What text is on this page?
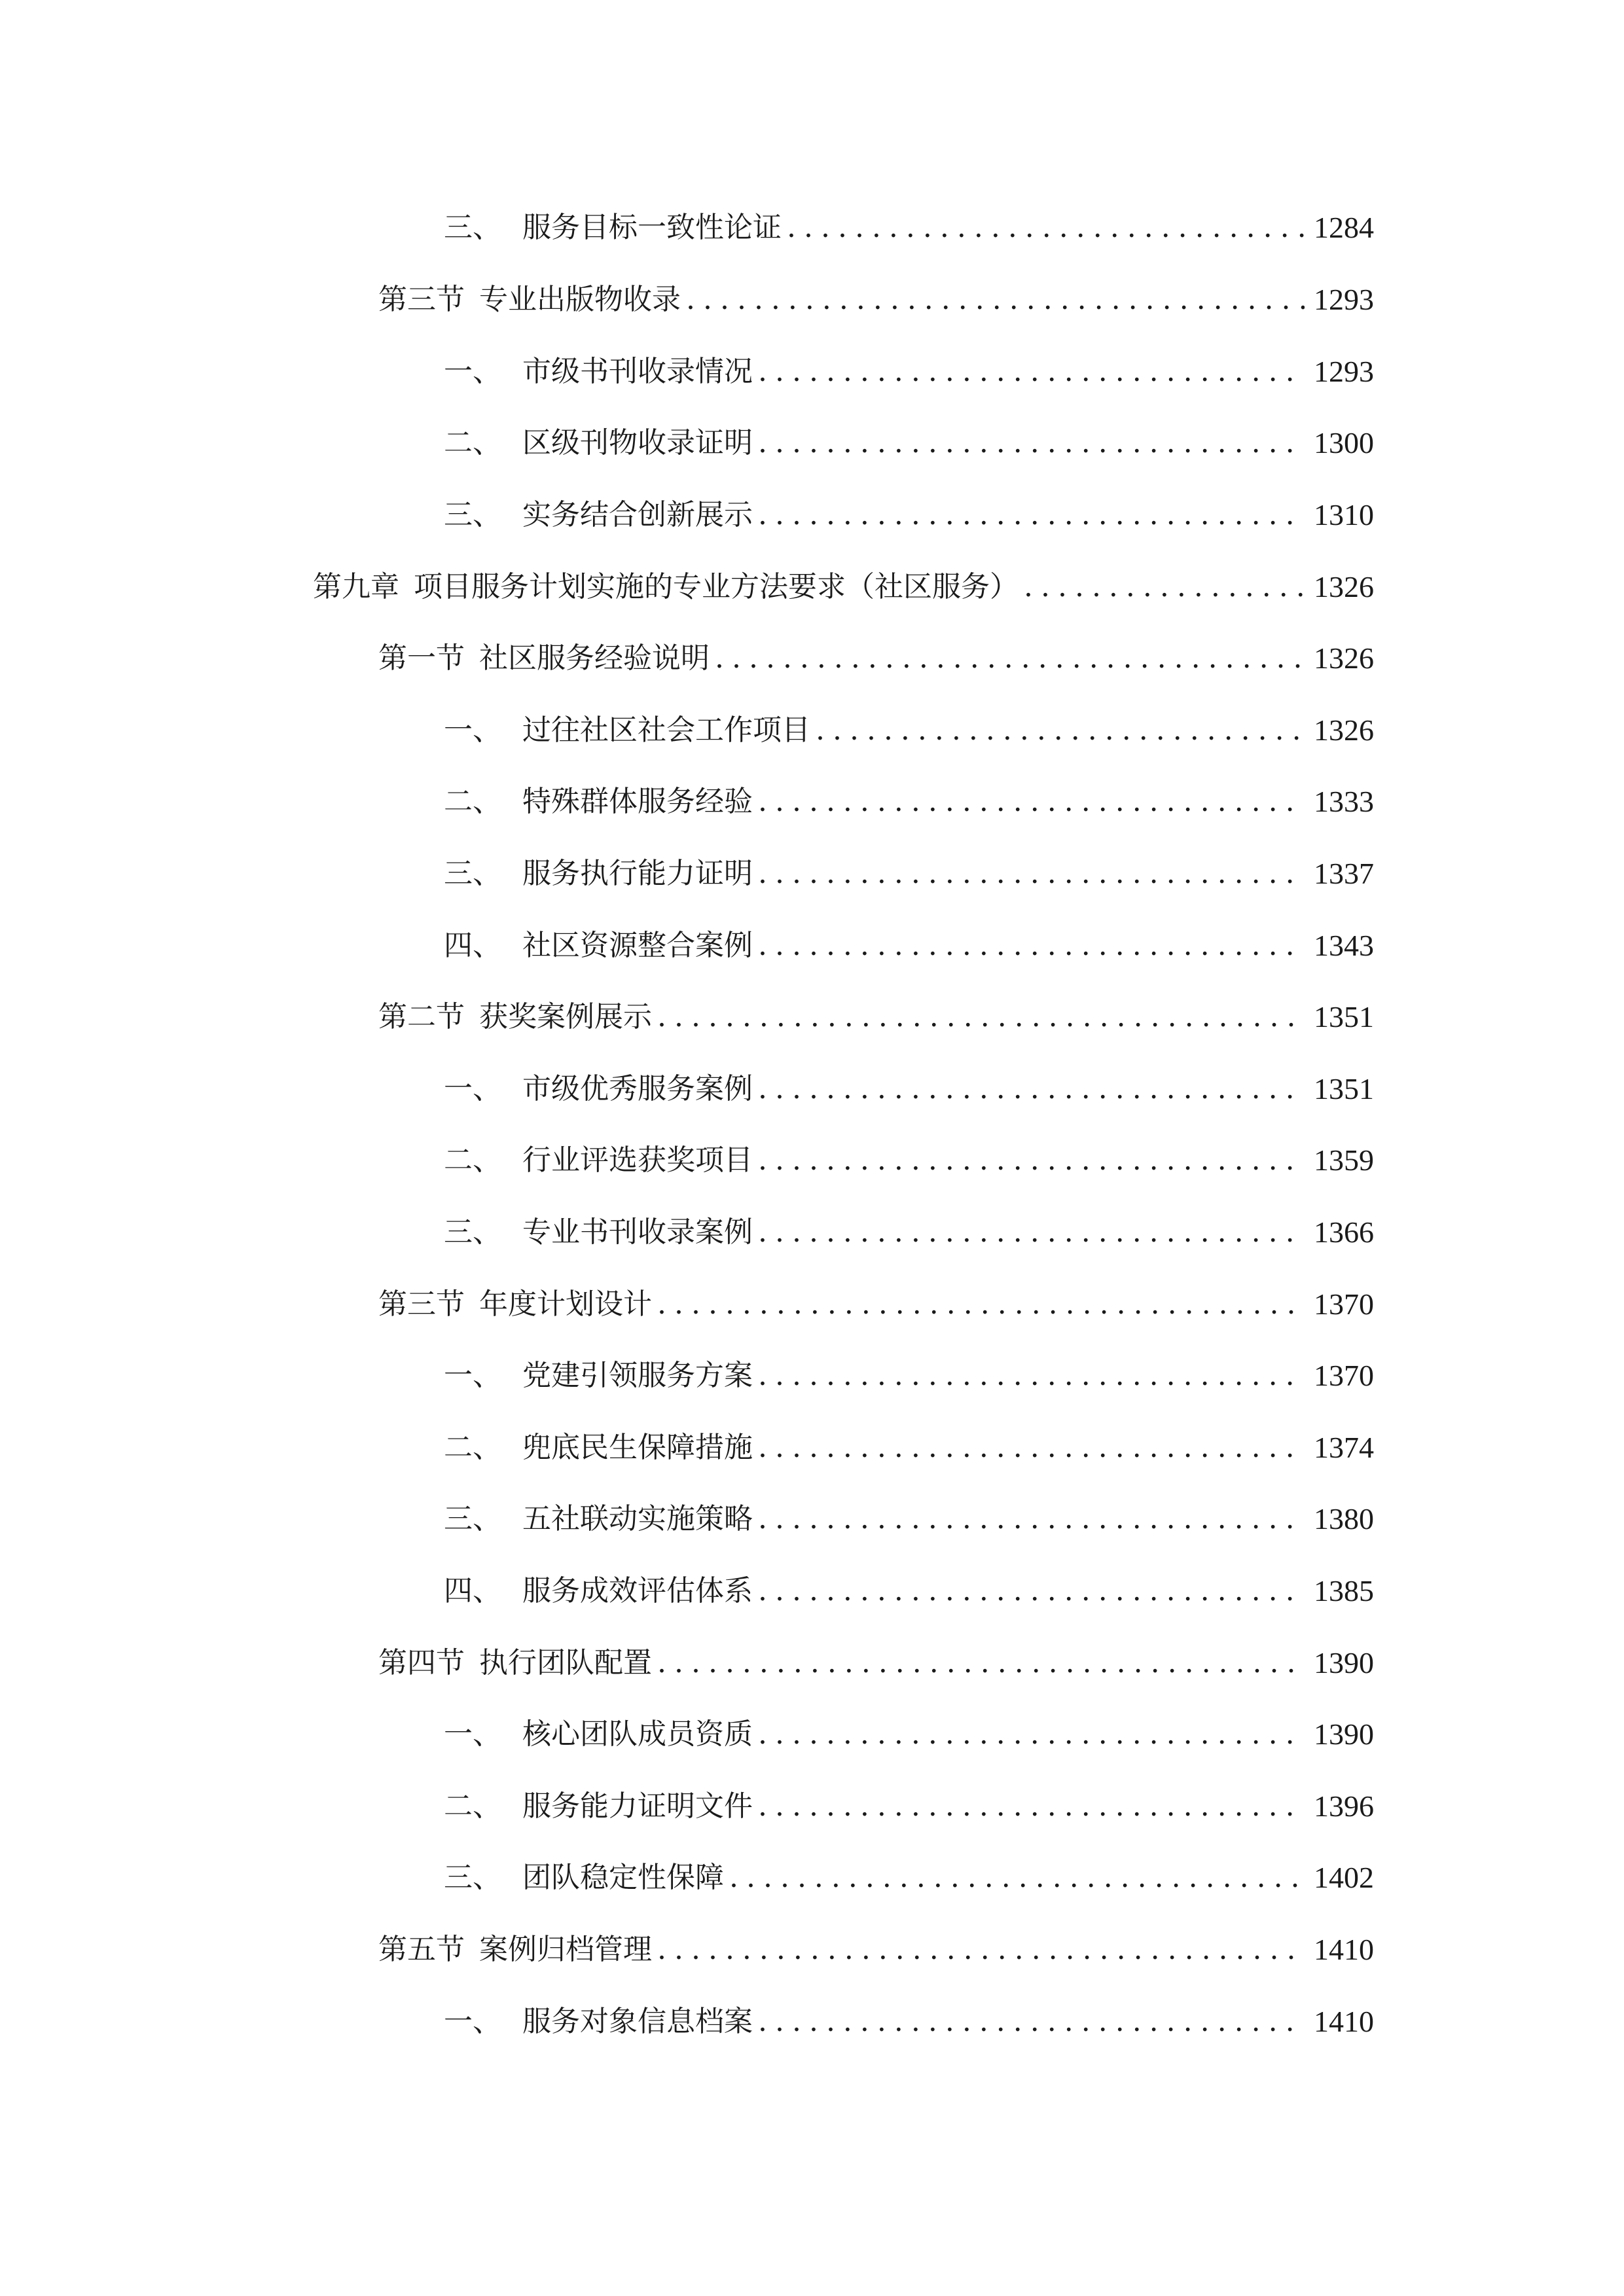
三、 服务目标一致性论证 .....	1284
第三节 专业出版物收录 .....	1293
一、 市级书刊收录情况 .....	1293
二、 区级刊物收录证明 .....	1300
三、 实务结合创新展示 .....	1310
第九章 项目服务计划实施的专业方法要求（社区服务） .....	1326
第一节 社区服务经验说明 .....	1326
一、 过往社区社会工作项目 .....	1326
二、 特殊群体服务经验 .....	1333
三、 服务执行能力证明 .....	1337
四、 社区资源整合案例 .....	1343
第二节 获奖案例展示 .....	1351
一、 市级优秀服务案例 .....	1351
二、 行业评选获奖项目 .....	1359
三、 专业书刊收录案例 .....	1366
第三节 年度计划设计 .....	1370
一、 党建引领服务方案 .....	1370
二、 兜底民生保障措施 .....	1374
三、 五社联动实施策略 .....	1380
四、 服务成效评估体系 .....	1385
第四节 执行团队配置 .....	1390
一、 核心团队成员资质 .....	1390
二、 服务能力证明文件 .....	1396
三、 团队稳定性保障 .....	1402
第五节 案例归档管理 .....	1410
一、 服务对象信息档案 .....	1410
